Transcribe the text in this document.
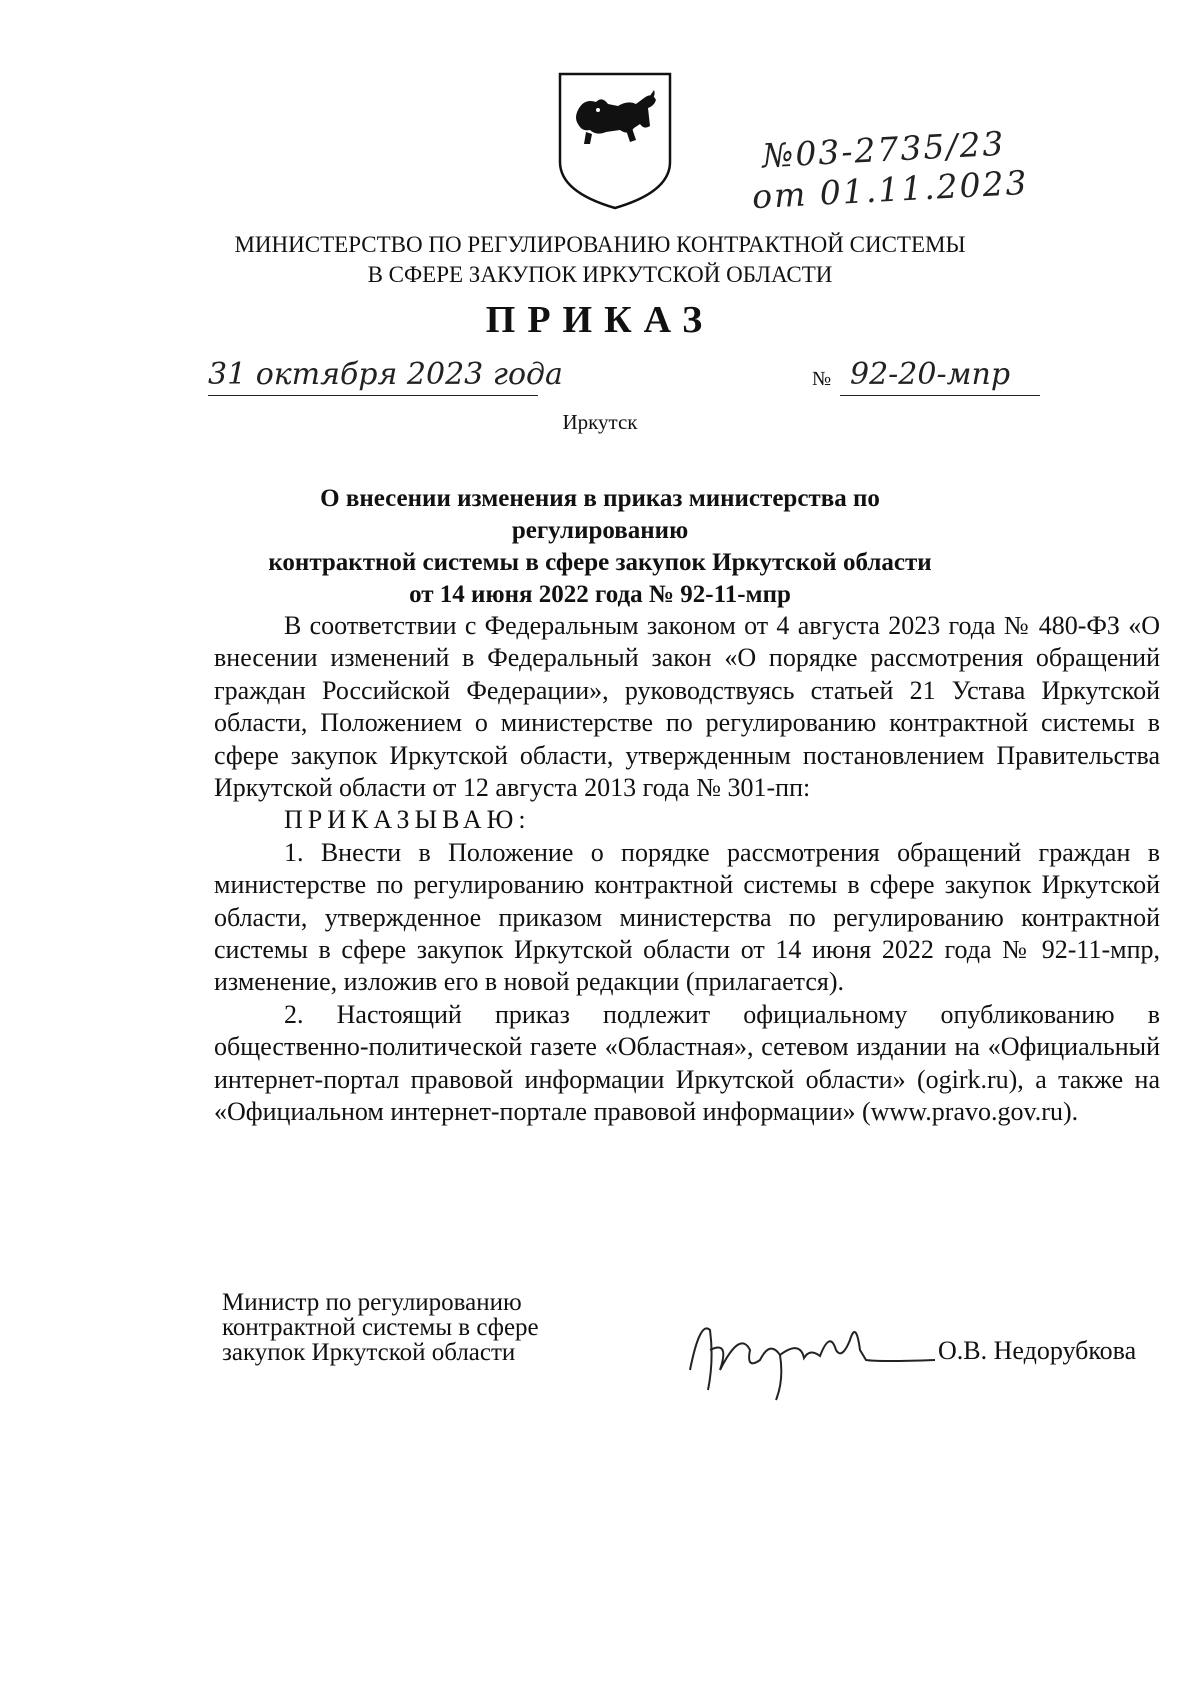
№03-2735/23
от 01.11.2023
МИНИСТЕРСТВО ПО РЕГУЛИРОВАНИЮ КОНТРАКТНОЙ СИСТЕМЫ
В СФЕРЕ ЗАКУПОК ИРКУТСКОЙ ОБЛАСТИ
ПРИКАЗ
31 октября 2023 года	№ 92-20-мпр
Иркутск
О внесении изменения в приказ министерства по регулированию
контрактной системы в сфере закупок Иркутской области
от 14 июня 2022 года № 92-11-мпр

В соответствии с Федеральным законом от 4 августа 2023 года № 480-ФЗ «О внесении изменений в Федеральный закон «О порядке рассмотрения обращений граждан Российской Федерации», руководствуясь статьей 21 Устава Иркутской области, Положением о министерстве по регулированию контрактной системы в сфере закупок Иркутской области, утвержденным постановлением Правительства Иркутской области от 12 августа 2013 года № 301-пп:

ПРИКАЗЫВАЮ:

1. Внести в Положение о порядке рассмотрения обращений граждан в министерстве по регулированию контрактной системы в сфере закупок Иркутской области, утвержденное приказом министерства по регулированию контрактной системы в сфере закупок Иркутской области от 14 июня 2022 года № 92-11-мпр, изменение, изложив его в новой редакции (прилагается).

2. Настоящий приказ подлежит официальному опубликованию в общественно-политической газете «Областная», сетевом издании на «Официальный интернет-портал правовой информации Иркутской области» (ogirk.ru), а также на «Официальном интернет-портале правовой информации» (www.pravo.gov.ru).

Министр по регулированию
контрактной системы в сфере
закупок Иркутской области	О.В. Недорубкова
